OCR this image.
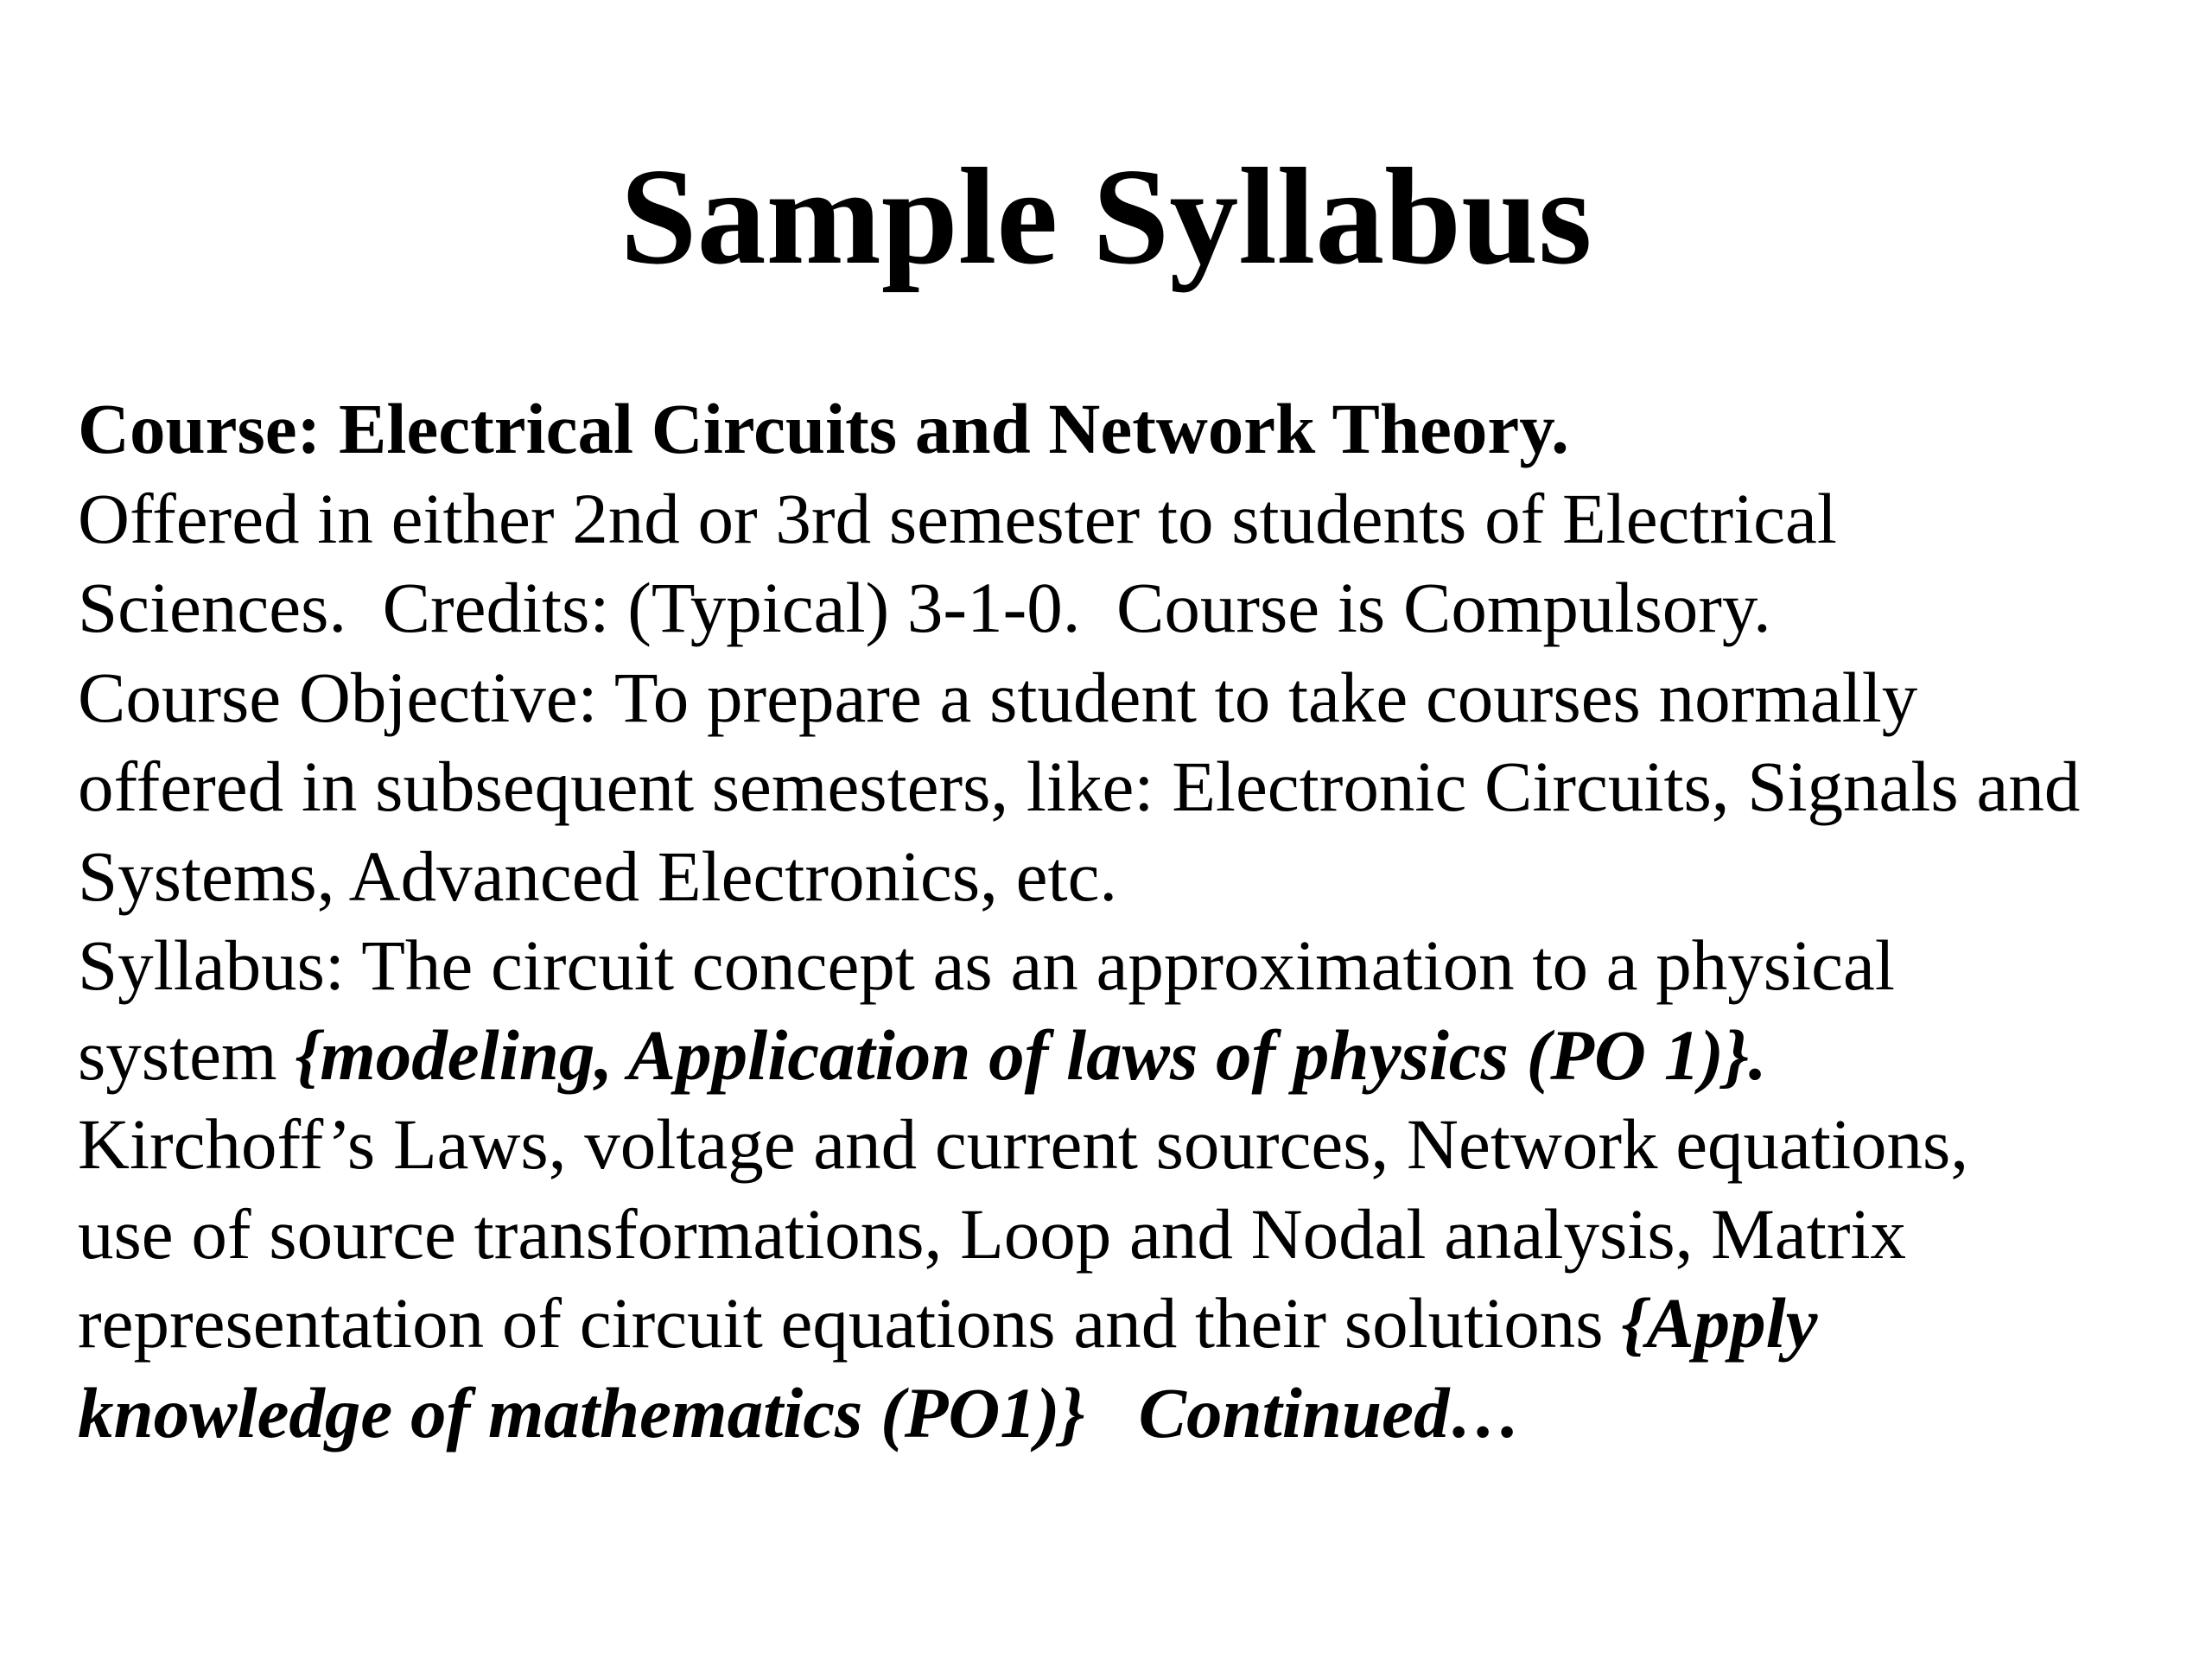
Sample Syllabus
Course: Electrical Circuits and Network Theory.
Offered in either 2nd or 3rd semester to students of Electrical
Sciences.  Credits: (Typical) 3-1-0.  Course is Compulsory.
Course Objective: To prepare a student to take courses normally
offered in subsequent semesters, like: Electronic Circuits, Signals and
Systems, Advanced Electronics, etc.
Syllabus: The circuit concept as an approximation to a physical
system {modeling, Application of laws of physics (PO 1)}.
Kirchoff’s Laws, voltage and current sources, Network equations,
use of source transformations, Loop and Nodal analysis, Matrix
representation of circuit equations and their solutions {Apply
knowledge of mathematics (PO1)}   Continued…
